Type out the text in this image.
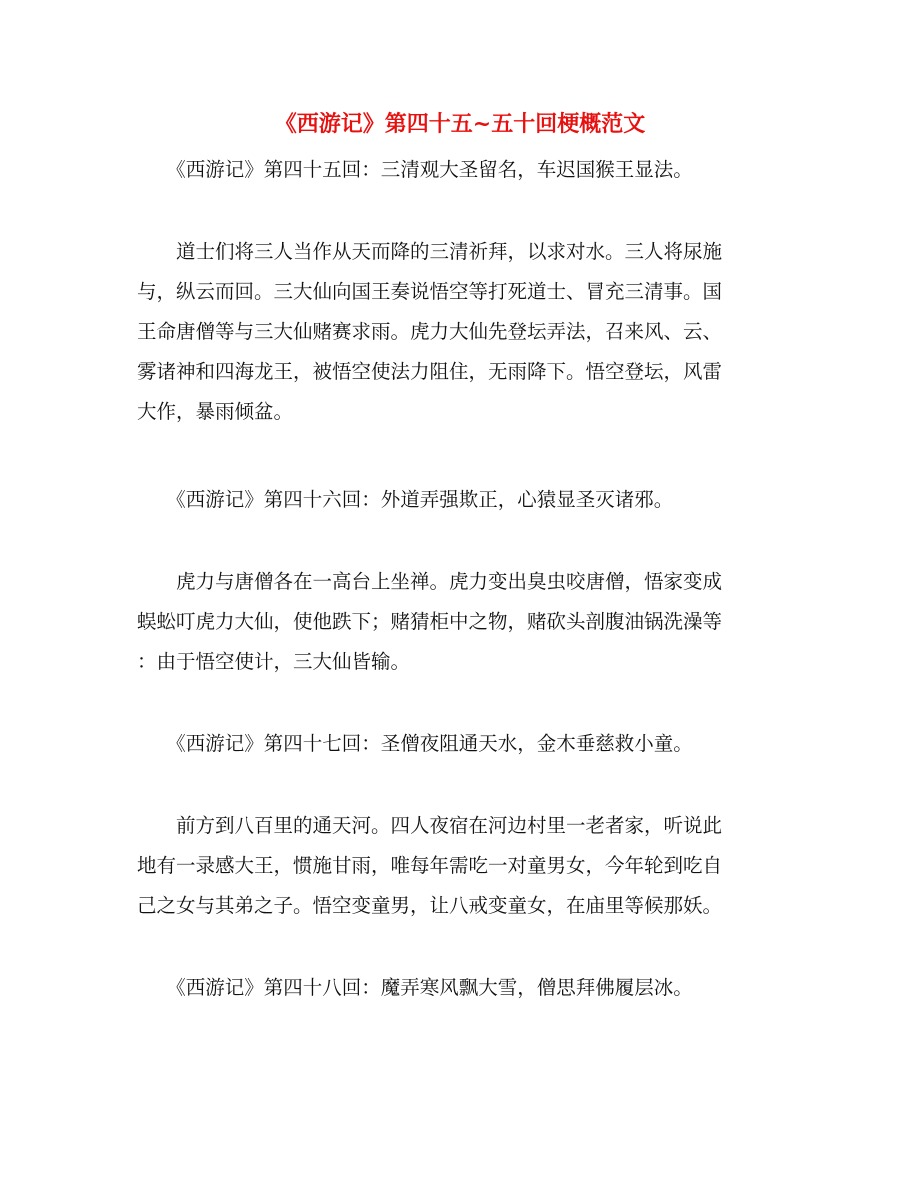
《西游记》第四十五~五十回梗概范文

　　《西游记》第四十五回：三清观大圣留名，车迟国猴王显法。

　　道士们将三人当作从天而降的三清祈拜，以求对水。三人将尿施
与，纵云而回。三大仙向国王奏说悟空等打死道士、冒充三清事。国
王命唐僧等与三大仙赌赛求雨。虎力大仙先登坛弄法，召来风、云、
雾诸神和四海龙王，被悟空使法力阻住，无雨降下。悟空登坛，风雷
大作，暴雨倾盆。

　　《西游记》第四十六回：外道弄强欺正，心猿显圣灭诸邪。

　　虎力与唐僧各在一高台上坐禅。虎力变出臭虫咬唐僧，悟家变成
蜈蚣叮虎力大仙，使他跌下；赌猜柜中之物，赌砍头剖腹油锅洗澡等
：由于悟空使计，三大仙皆输。

　　《西游记》第四十七回：圣僧夜阻通天水，金木垂慈救小童。

　　前方到八百里的通天河。四人夜宿在河边村里一老者家，听说此
地有一录感大王，惯施甘雨，唯每年需吃一对童男女，今年轮到吃自
己之女与其弟之子。悟空变童男，让八戒变童女，在庙里等候那妖。

　　《西游记》第四十八回：魔弄寒风飘大雪，僧思拜佛履层冰。
